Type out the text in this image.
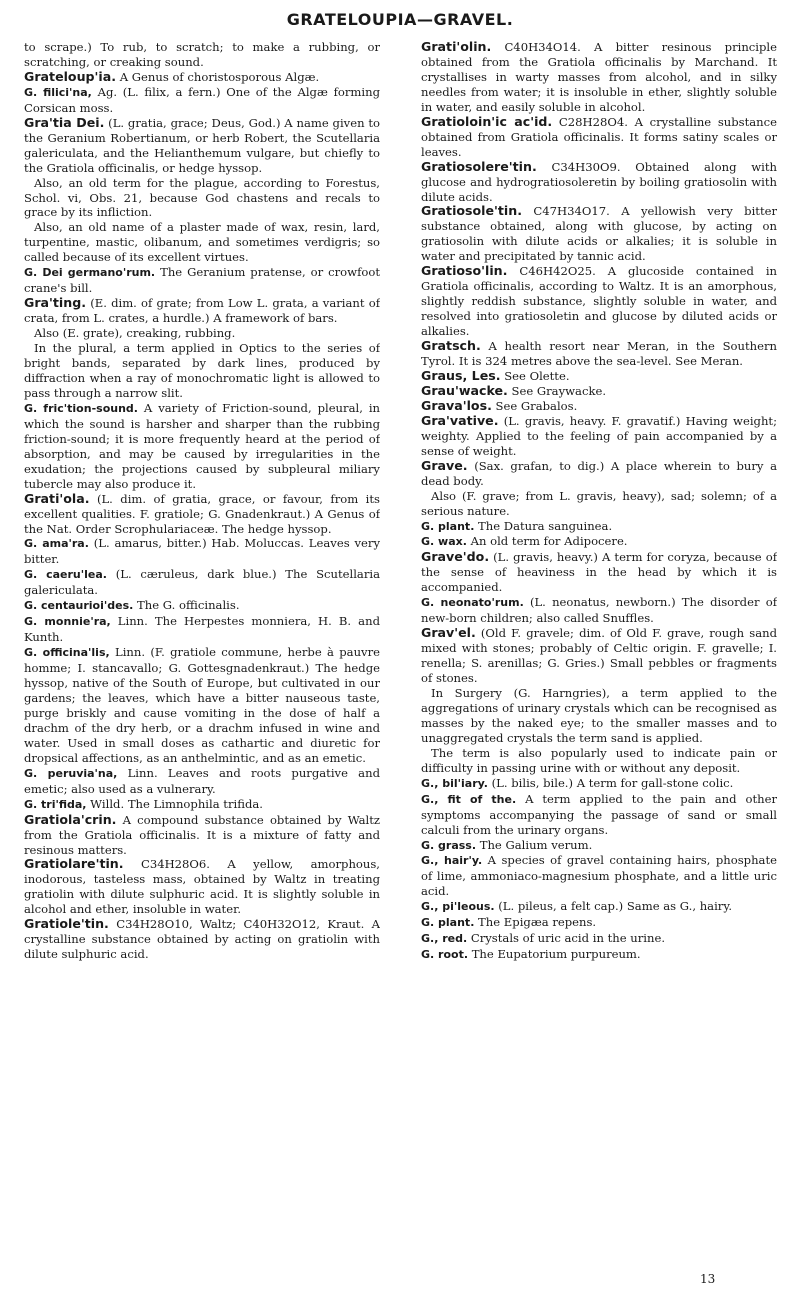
GRATELOUPIA—GRAVEL.

to scrape.) To rub, to scratch; to make a rubbing, or scratching, or creaking sound.

Grateloup'ia. A Genus of choristosporous Algæ.

G. filici'na, Ag. (L. filix, a fern.) One of the Algæ forming Corsican moss.

Gra'tia Dei. (L. gratia, grace; Deus, God.) A name given to the Geranium Robertianum, or herb Robert, the Scutellaria galericulata, and the Helianthemum vulgare, but chiefly to the Gratiola officinalis, or hedge hyssop.

Also, an old term for the plague, according to Forestus, Schol. vi, Obs. 21, because God chastens and recals to grace by its infliction.

Also, an old name of a plaster made of wax, resin, lard, turpentine, mastic, olibanum, and sometimes verdigris; so called because of its excellent virtues.

G. Dei germano'rum. The Geranium pratense, or crowfoot crane's bill.

Gra'ting. (E. dim. of grate; from Low L. grata, a variant of crata, from L. crates, a hurdle.) A framework of bars.

Also (E. grate), creaking, rubbing.

In the plural, a term applied in Optics to the series of bright bands, separated by dark lines, produced by diffraction when a ray of monochromatic light is allowed to pass through a narrow slit.

G. fric'tion-sound. A variety of Friction-sound, pleural, in which the sound is harsher and sharper than the rubbing friction-sound; it is more frequently heard at the period of absorption, and may be caused by irregularities in the exudation; the projections caused by subpleural miliary tubercle may also produce it.

Grati'ola. (L. dim. of gratia, grace, or favour, from its excellent qualities. F. gratiole; G. Gnadenkraut.) A Genus of the Nat. Order Scrophulariaceæ. The hedge hyssop.

G. ama'ra. (L. amarus, bitter.) Hab. Moluccas. Leaves very bitter.

G. caeru'lea. (L. cæruleus, dark blue.) The Scutellaria galericulata.

G. centaurioi'des. The G. officinalis.

G. monnie'ra, Linn. The Herpestes monniera, H. B. and Kunth.

G. officina'lis, Linn. (F. gratiole commune, herbe à pauvre homme; I. stancavallo; G. Gottesgnadenkraut.) The hedge hyssop, native of the South of Europe, but cultivated in our gardens; the leaves, which have a bitter nauseous taste, purge briskly and cause vomiting in the dose of half a drachm of the dry herb, or a drachm infused in wine and water. Used in small doses as cathartic and diuretic for dropsical affections, as an anthelmintic, and as an emetic.

G. peruvia'na, Linn. Leaves and roots purgative and emetic; also used as a vulnerary.

G. tri'fida, Willd. The Limnophila trifida.

Gratiola'crin. A compound substance obtained by Waltz from the Gratiola officinalis. It is a mixture of fatty and resinous matters.

Gratiolare'tin. C34H28O6. A yellow, amorphous, inodorous, tasteless mass, obtained by Waltz in treating gratiolin with dilute sulphuric acid. It is slightly soluble in alcohol and ether, insoluble in water.

Gratiole'tin. C34H28O10, Waltz; C40H32O12, Kraut. A crystalline substance obtained by acting on gratiolin with dilute sulphuric acid.

Grati'olin. C40H34O14. A bitter resinous principle obtained from the Gratiola officinalis by Marchand. It crystallises in warty masses from alcohol, and in silky needles from water; it is insoluble in ether, slightly soluble in water, and easily soluble in alcohol.

Gratioloin'ic ac'id. C28H28O4. A crystalline substance obtained from Gratiola officinalis. It forms satiny scales or leaves.

Gratiosolere'tin. C34H30O9. Obtained along with glucose and hydrogratiosoleretin by boiling gratiosolin with dilute acids.

Gratiosole'tin. C47H34O17. A yellowish very bitter substance obtained, along with glucose, by acting on gratiosolin with dilute acids or alkalies; it is soluble in water and precipitated by tannic acid.

Gratioso'lin. C46H42O25. A glucoside contained in Gratiola officinalis, according to Waltz. It is an amorphous, slightly reddish substance, slightly soluble in water, and resolved into gratiosoletin and glucose by diluted acids or alkalies.

Gratsch. A health resort near Meran, in the Southern Tyrol. It is 324 metres above the sea-level. See Meran.

Graus, Les. See Olette.

Grau'wacke. See Graywacke.

Grava'los. See Grabalos.

Gra'vative. (L. gravis, heavy. F. gravatif.) Having weight; weighty. Applied to the feeling of pain accompanied by a sense of weight.

Grave. (Sax. grafan, to dig.) A place wherein to bury a dead body.

Also (F. grave; from L. gravis, heavy), sad; solemn; of a serious nature.

G. plant. The Datura sanguinea.

G. wax. An old term for Adipocere.

Grave'do. (L. gravis, heavy.) A term for coryza, because of the sense of heaviness in the head by which it is accompanied.

G. neonato'rum. (L. neonatus, newborn.) The disorder of new-born children; also called Snuffles.

Grav'el. (Old F. gravele; dim. of Old F. grave, rough sand mixed with stones; probably of Celtic origin. F. gravelle; I. renella; S. arenillas; G. Gries.) Small pebbles or fragments of stones.

In Surgery (G. Harngries), a term applied to the aggregations of urinary crystals which can be recognised as masses by the naked eye; to the smaller masses and to unaggregated crystals the term sand is applied.

The term is also popularly used to indicate pain or difficulty in passing urine with or without any deposit.

G., bil'iary. (L. bilis, bile.) A term for gall-stone colic.

G., fit of the. A term applied to the pain and other symptoms accompanying the passage of sand or small calculi from the urinary organs.

G. grass. The Galium verum.

G., hair'y. A species of gravel containing hairs, phosphate of lime, ammoniaco-magnesium phosphate, and a little uric acid.

G., pi'leous. (L. pileus, a felt cap.) Same as G., hairy.

G. plant. The Epigæa repens.

G., red. Crystals of uric acid in the urine.

G. root. The Eupatorium purpureum.

13
